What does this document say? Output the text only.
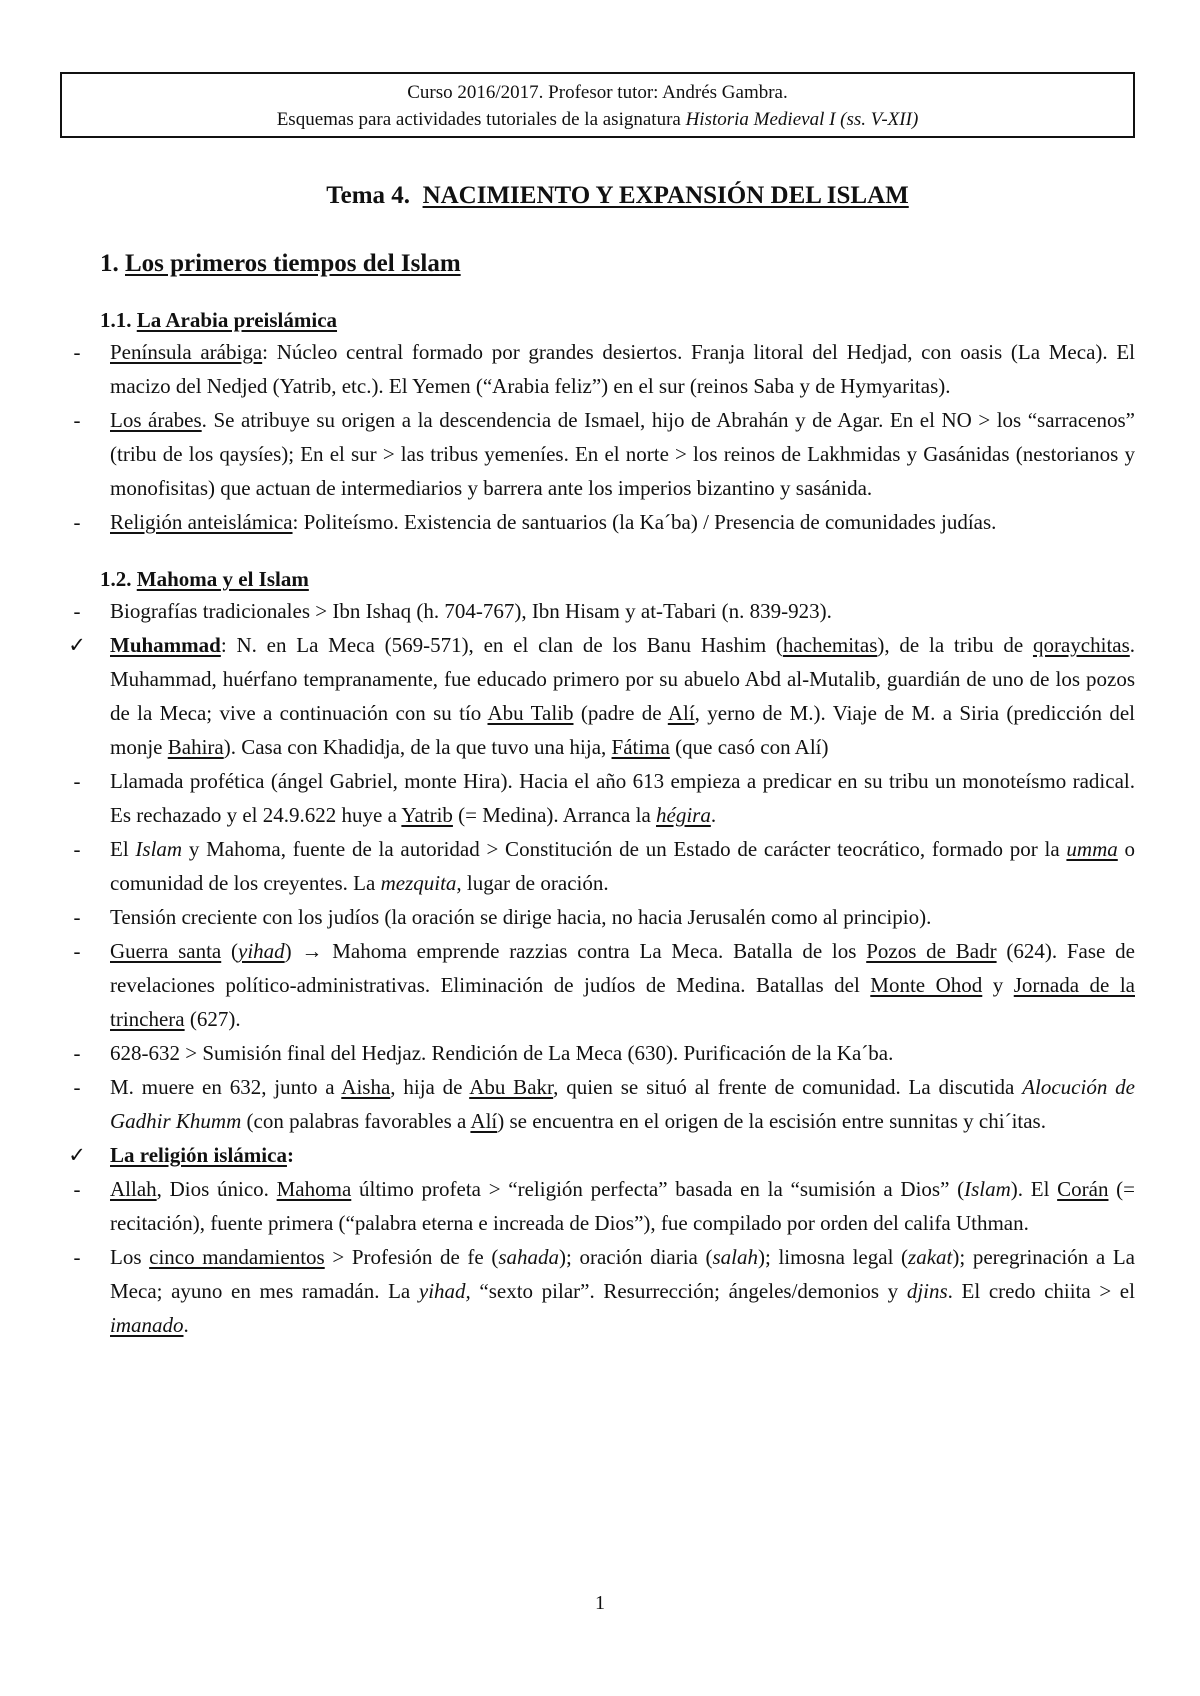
Curso 2016/2017. Profesor tutor: Andrés Gambra.
Esquemas para actividades tutoriales de la asignatura Historia Medieval I (ss. V-XII)
Tema 4. NACIMIENTO Y EXPANSIÓN DEL ISLAM
1. Los primeros tiempos del Islam
1.1. La Arabia preislámica
-	Península arábiga: Núcleo central formado por grandes desiertos. Franja litoral del Hedjad, con oasis (La Meca). El macizo del Nedjed (Yatrib, etc.). El Yemen (“Arabia feliz”) en el sur (reinos Saba y de Hymyaritas).
-	Los árabes. Se atribuye su origen a la descendencia de Ismael, hijo de Abrahán y de Agar. En el NO > los “sarracenos” (tribu de los qaysíes); En el sur > las tribus yemeníes. En el norte > los reinos de Lakhmidas y Gasánidas (nestorianos y monofisitas) que actuan de intermediarios y barrera ante los imperios bizantino y sasánida.
-	Religión anteislámica: Politeísmo. Existencia de santuarios (la Ka´ba) / Presencia de comunidades judías.
1.2. Mahoma y el Islam
-	Biografías tradicionales > Ibn Ishaq (h. 704-767), Ibn Hisam y at-Tabari (n. 839-923).
✓ Muhammad: N. en La Meca (569-571), en el clan de los Banu Hashim (hachemitas), de la tribu de qoraychitas. Muhammad, huérfano tempranamente, fue educado primero por su abuelo Abd al-Mutalib, guardián de uno de los pozos de la Meca; vive a continuación con su tío Abu Talib (padre de Alí, yerno de M.). Viaje de M. a Siria (predicción del monje Bahira). Casa con Khadidja, de la que tuvo una hija, Fátima (que casó con Alí)
-	Llamada profética (ángel Gabriel, monte Hira). Hacia el año 613 empieza a predicar en su tribu un monoteísmo radical. Es rechazado y el 24.9.622 huye a Yatrib (= Medina). Arranca la hégira.
-	El Islam y Mahoma, fuente de la autoridad > Constitución de un Estado de carácter teocrático, formado por la umma o comunidad de los creyentes. La mezquita, lugar de oración.
-	Tensión creciente con los judíos (la oración se dirige hacia, no hacia Jerusalén como al principio).
-	Guerra santa (yihad) → Mahoma emprende razzias contra La Meca. Batalla de los Pozos de Badr (624). Fase de revelaciones político-administrativas. Eliminación de judíos de Medina. Batallas del Monte Ohod y Jornada de la trinchera (627).
-	628-632 > Sumisión final del Hedjaz. Rendición de La Meca (630). Purificación de la Ka´ba.
-	M. muere en 632, junto a Aisha, hija de Abu Bakr, quien se situó al frente de comunidad. La discutida Alocución de Gadhir Khumm (con palabras favorables a Alí) se encuentra en el origen de la escisión entre sunnitas y chi´itas.
✓ La religión islámica:
-	Allah, Dios único. Mahoma último profeta > “religión perfecta” basada en la “sumisión a Dios” (Islam). El Corán (= recitación), fuente primera (“palabra eterna e increada de Dios”), fue compilado por orden del califa Uthman.
-	Los cinco mandamientos > Profesión de fe (sahada); oración diaria (salah); limosna legal (zakat); peregrinación a La Meca; ayuno en mes ramadán. La yihad, “sexto pilar”. Resurrección; ángeles/demonios y djins. El credo chiita > el imanado.
1
